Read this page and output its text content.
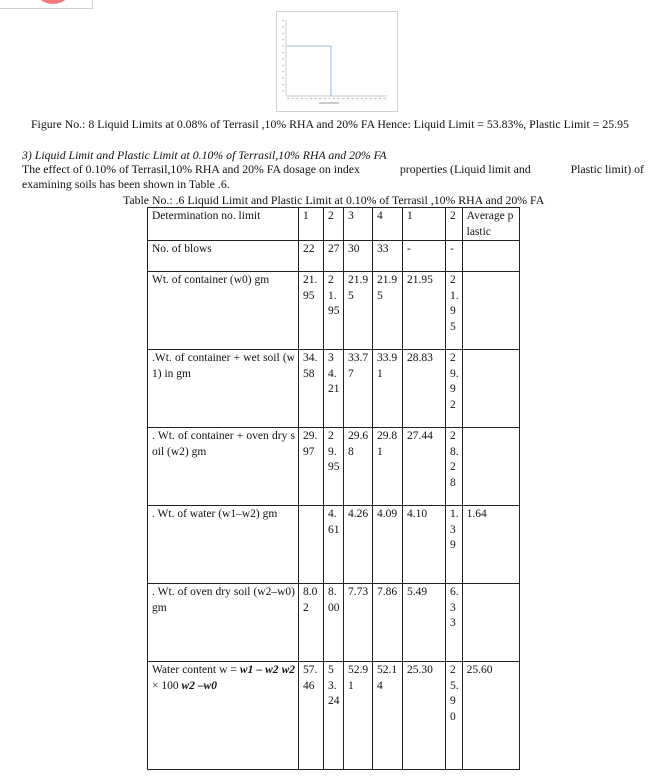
Figure No.: 8 Liquid Limits at 0.08% of Terrasil ,10% RHA and 20% FA Hence: Liquid Limit = 53.83%, Plastic Limit = 25.95
3) Liquid Limit and Plastic Limit at 0.10% of Terrasil,10% RHA and 20% FA
The effect of 0.10% of Terrasil,10% RHA and 20% FA dosage on index	properties (Liquid limit and	Plastic limit) of
examining soils has been shown in Table .6.
Table No.: .6 Liquid Limit and Plastic Limit at 0.10% of Terrasil ,10% RHA and 20% FA
Determination no. limit	1	2	3	4	1	2	Average plastic
No. of blows	22	27	30	33	-	-	
Wt. of container (w0) gm	21.95	21.95	21.95	21.95	21.95	21.95	
.Wt. of container + wet soil (w1) in gm	34.58	34.21	33.77	33.91	28.83	29.92	
. Wt. of container + oven dry soil (w2) gm	29.97	29.95	29.68	29.81	27.44	28.28	
. Wt. of water (w1–w2) gm		4.61	4.26	4.09	4.10	1.39	1.64
. Wt. of oven dry soil (w2–w0) gm	8.02	8.00	7.73	7.86	5.49	6.33	
Water content w = w1 – w2 w2× 100 w2 –w0	57.46	53.24	52.91	52.14	25.30	25.90	25.60
